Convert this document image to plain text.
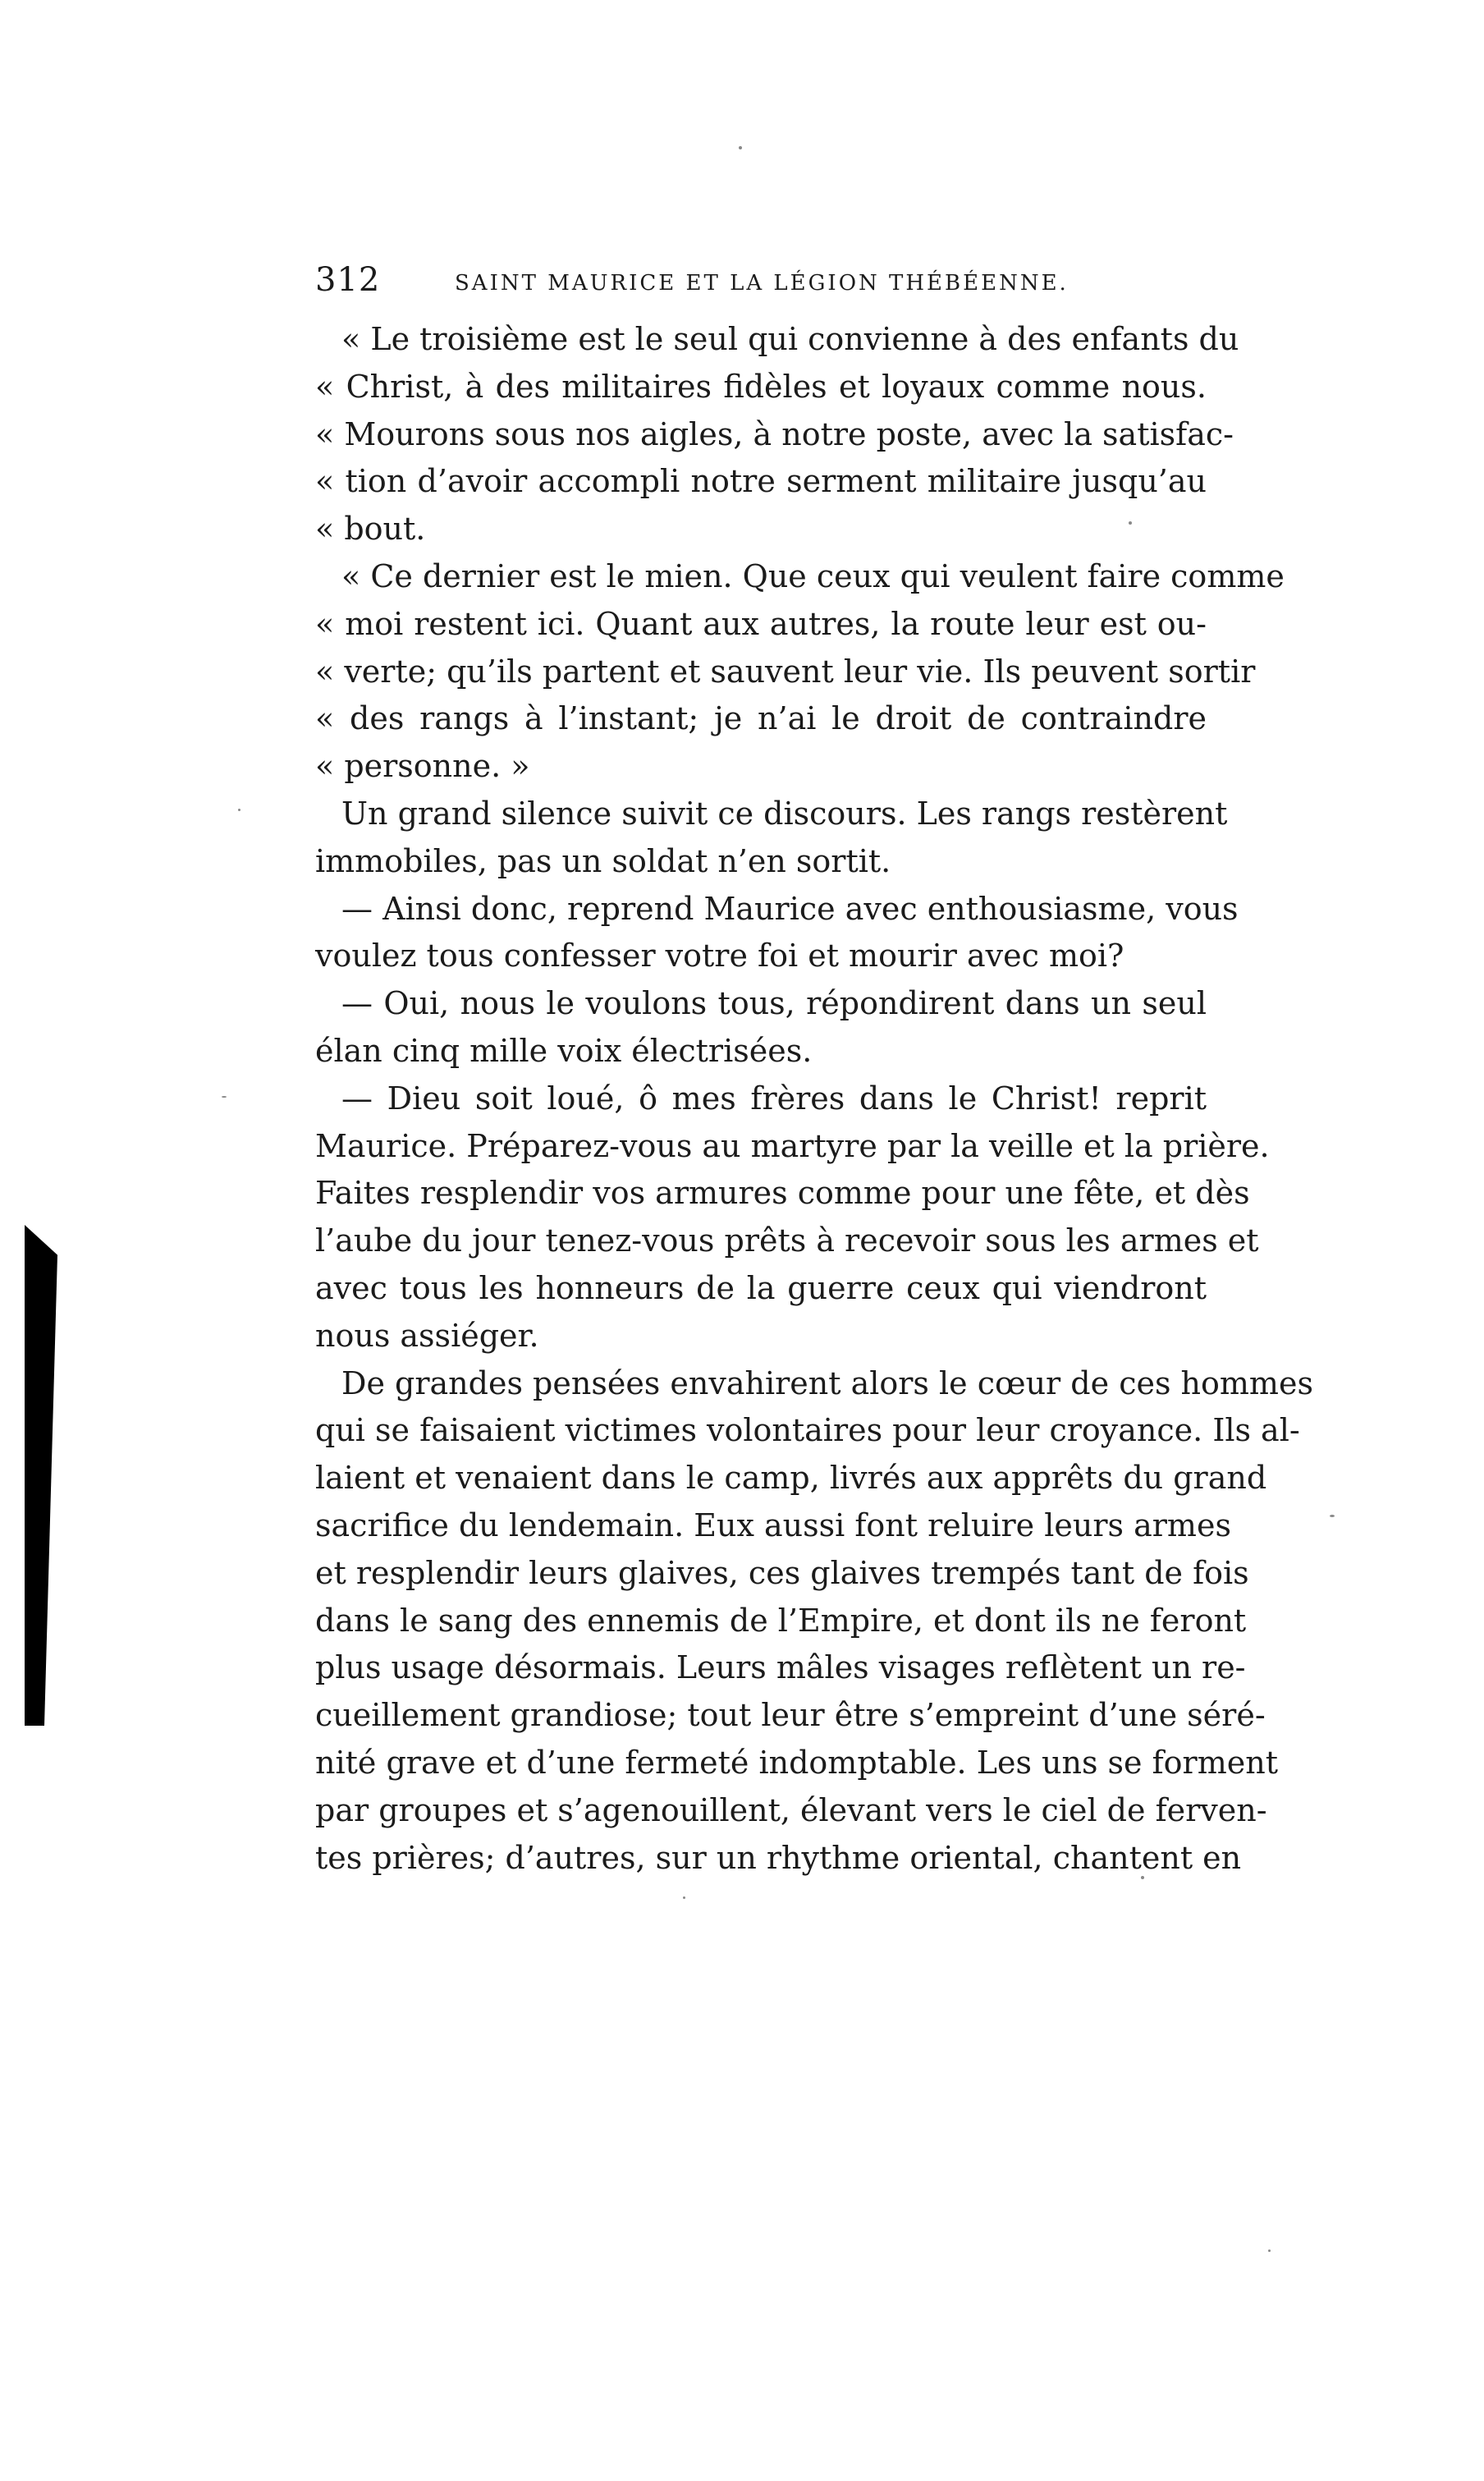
312	SAINT MAURICE ET LA LÉGION THÉBÉENNE.
« Le troisième est le seul qui convienne à des enfants du
« Christ, à des militaires fidèles et loyaux comme nous.
« Mourons sous nos aigles, à notre poste, avec la satisfac-
« tion d’avoir accompli notre serment militaire jusqu’au
« bout.
« Ce dernier est le mien. Que ceux qui veulent faire comme
« moi restent ici. Quant aux autres, la route leur est ou-
« verte; qu’ils partent et sauvent leur vie. Ils peuvent sortir
« des rangs à l’instant; je n’ai le droit de contraindre
« personne. »
Un grand silence suivit ce discours. Les rangs restèrent
immobiles, pas un soldat n’en sortit.
— Ainsi donc, reprend Maurice avec enthousiasme, vous
voulez tous confesser votre foi et mourir avec moi?
— Oui, nous le voulons tous, répondirent dans un seul
élan cinq mille voix électrisées.
— Dieu soit loué, ô mes frères dans le Christ! reprit
Maurice. Préparez-vous au martyre par la veille et la prière.
Faites resplendir vos armures comme pour une fête, et dès
l’aube du jour tenez-vous prêts à recevoir sous les armes et
avec tous les honneurs de la guerre ceux qui viendront
nous assiéger.
De grandes pensées envahirent alors le cœur de ces hommes
qui se faisaient victimes volontaires pour leur croyance. Ils al-
laient et venaient dans le camp, livrés aux apprêts du grand
sacrifice du lendemain. Eux aussi font reluire leurs armes
et resplendir leurs glaives, ces glaives trempés tant de fois
dans le sang des ennemis de l’Empire, et dont ils ne feront
plus usage désormais. Leurs mâles visages reflètent un re-
cueillement grandiose; tout leur être s’empreint d’une séré-
nité grave et d’une fermeté indomptable. Les uns se forment
par groupes et s’agenouillent, élevant vers le ciel de ferven-
tes prières; d’autres, sur un rhythme oriental, chantent en
